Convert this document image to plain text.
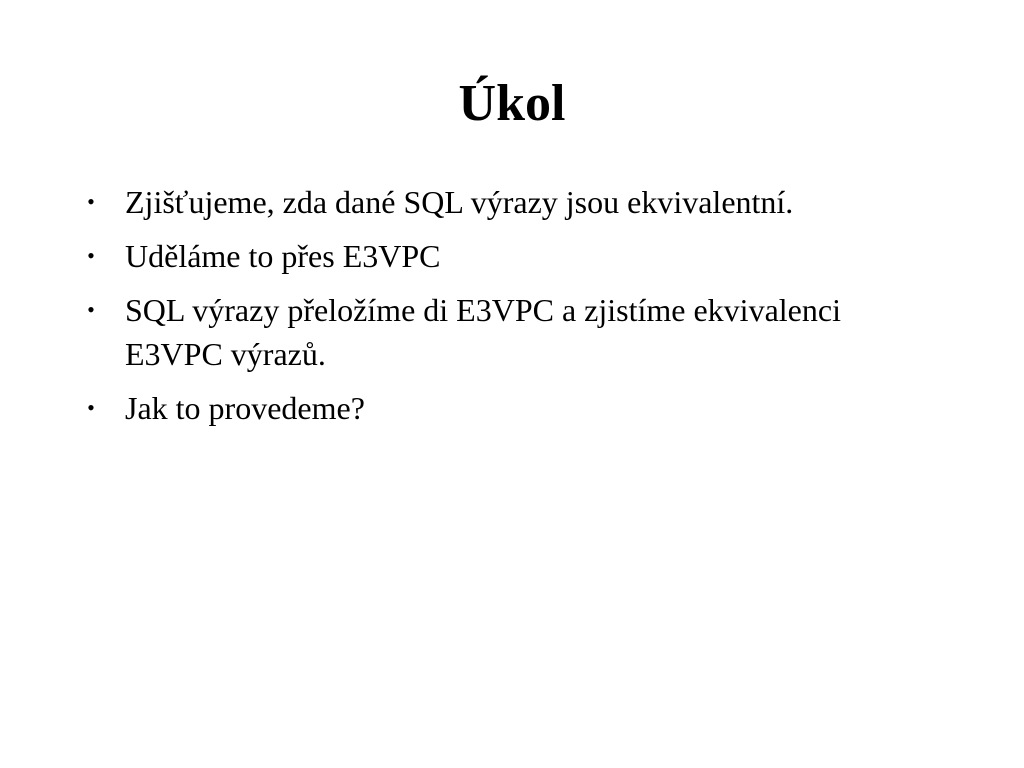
Úkol
• Zjišťujeme, zda dané SQL výrazy jsou ekvivalentní.
• Uděláme to přes E3VPC
• SQL výrazy přeložíme di E3VPC a zjistíme ekvivalenci E3VPC výrazů.
• Jak to provedeme?
